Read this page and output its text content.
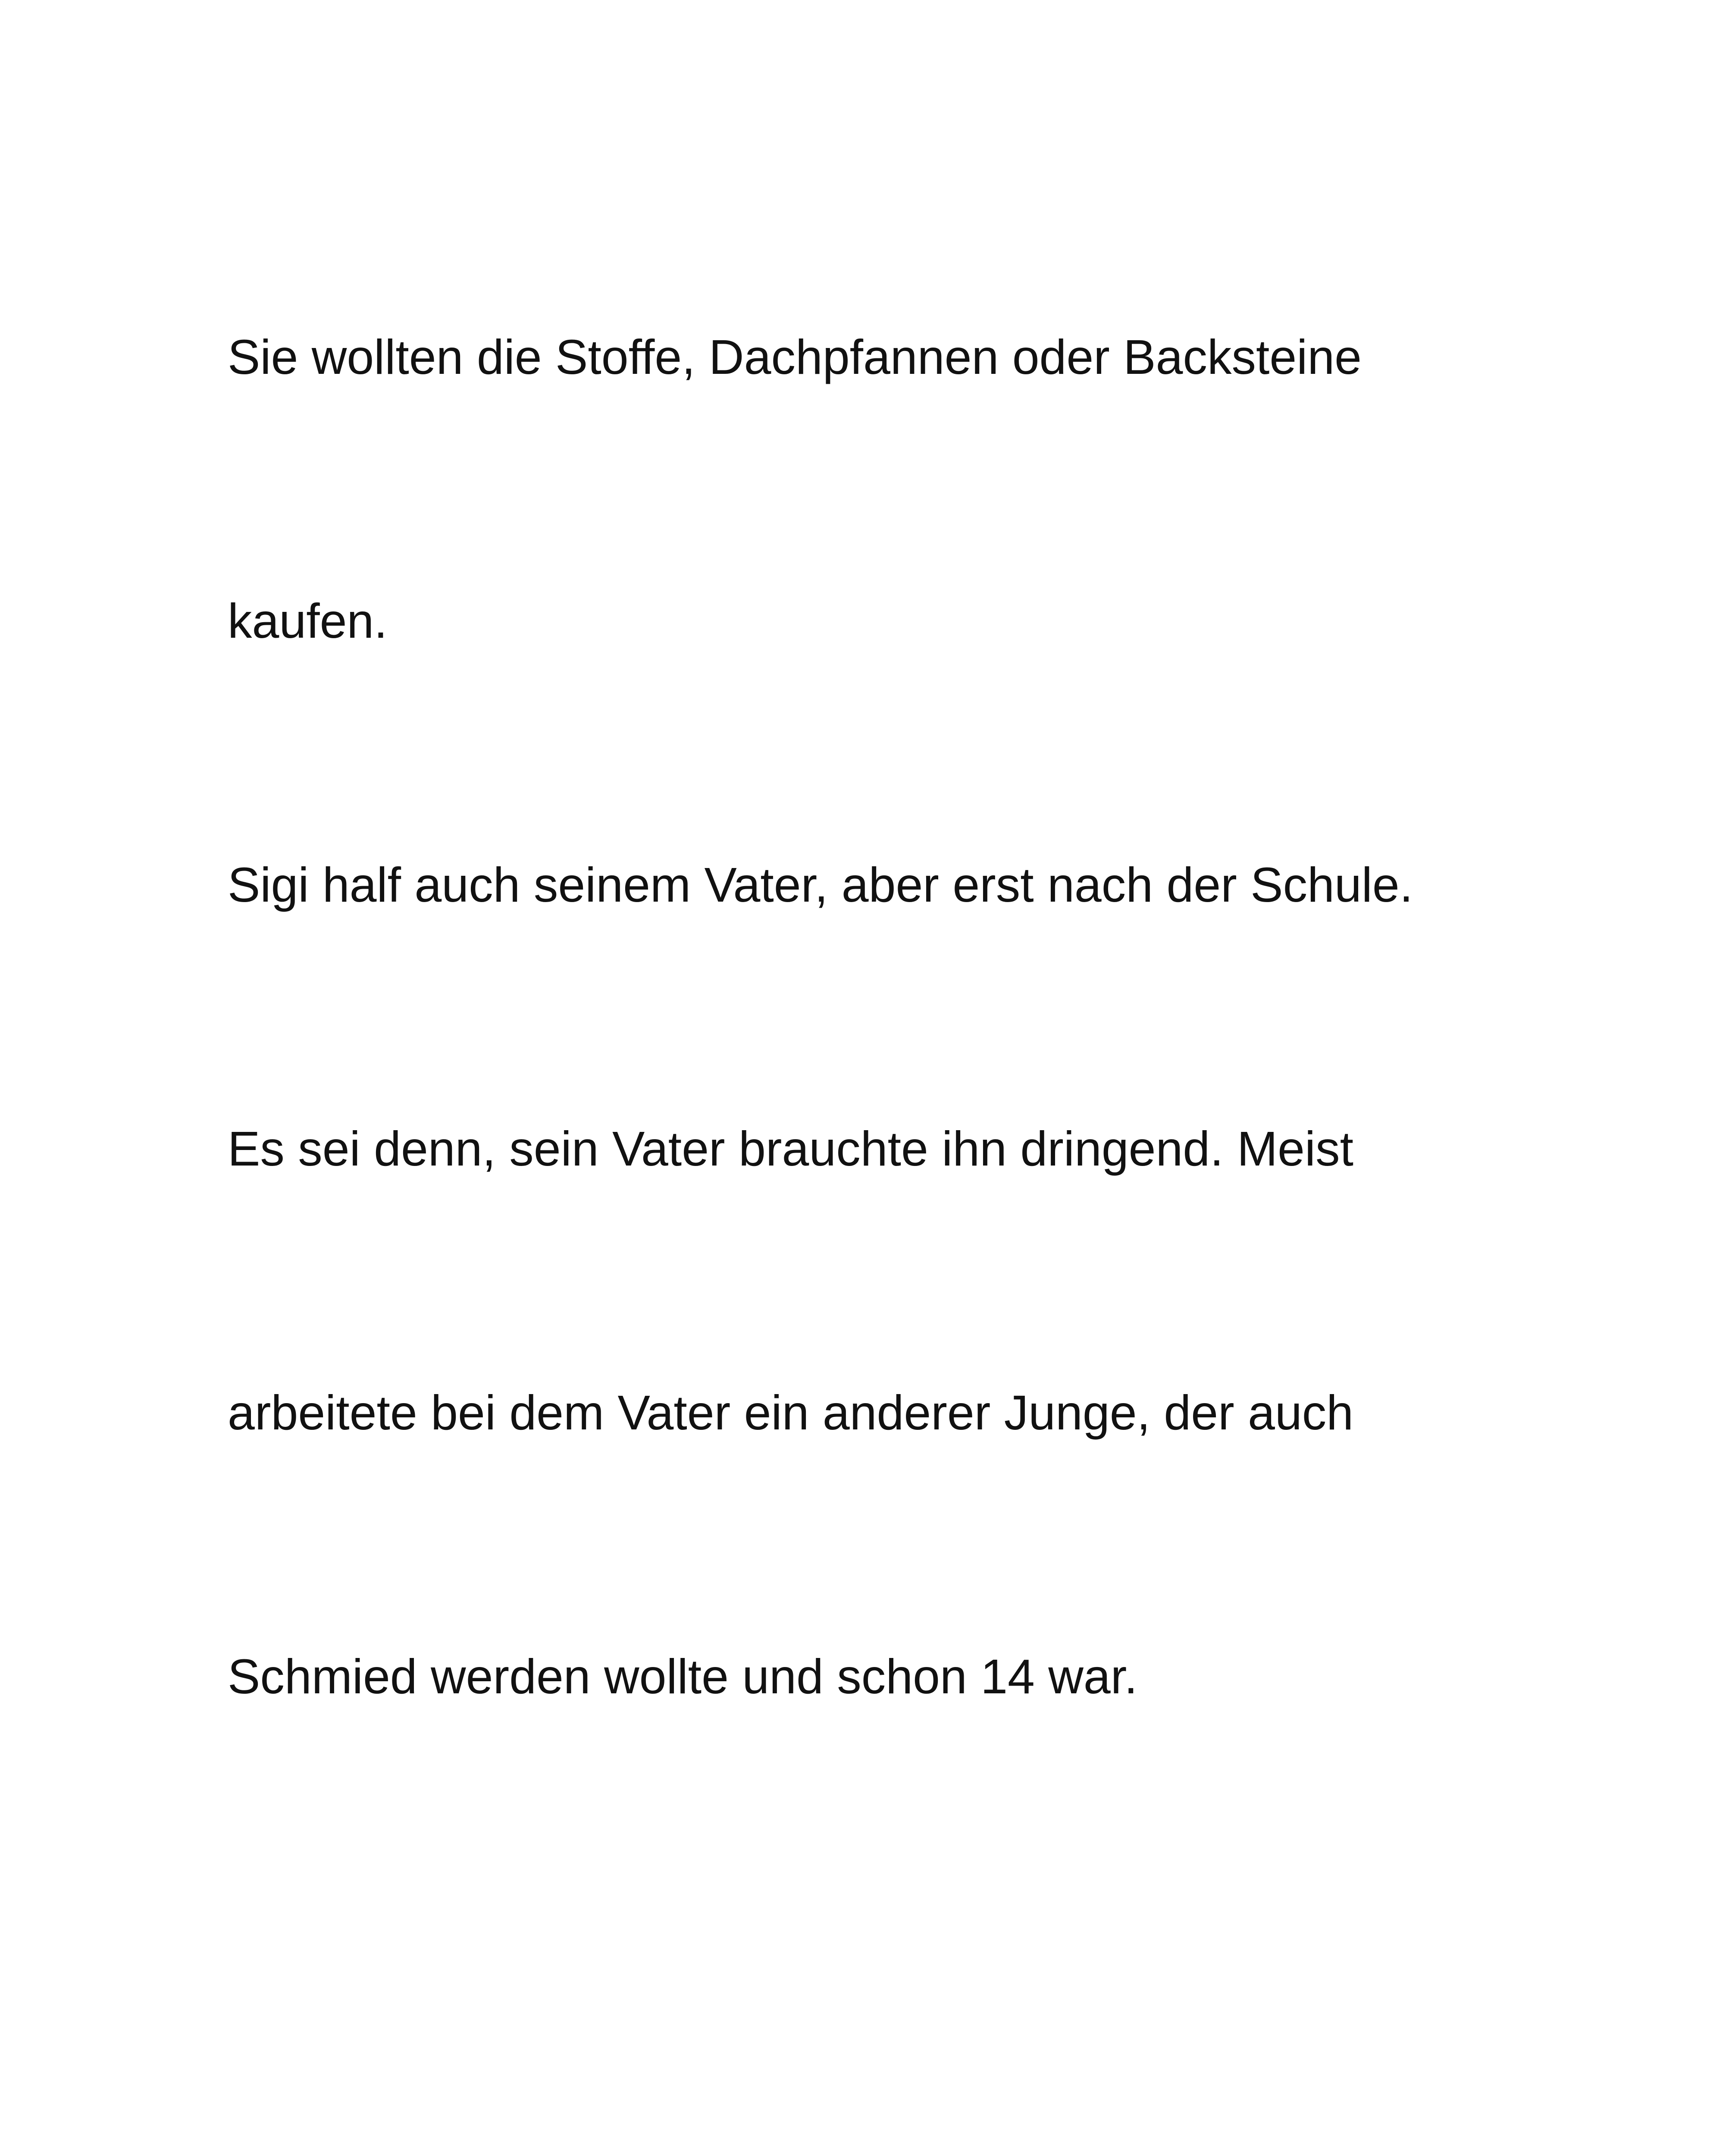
Sie wollten die Stoffe, Dachpfannen oder Backsteine

kaufen.

Sigi half auch seinem Vater, aber erst nach der Schule.

Es sei denn, sein Vater brauchte ihn dringend. Meist

arbeitete bei dem Vater ein anderer Junge, der auch

Schmied werden wollte und schon 14 war.
